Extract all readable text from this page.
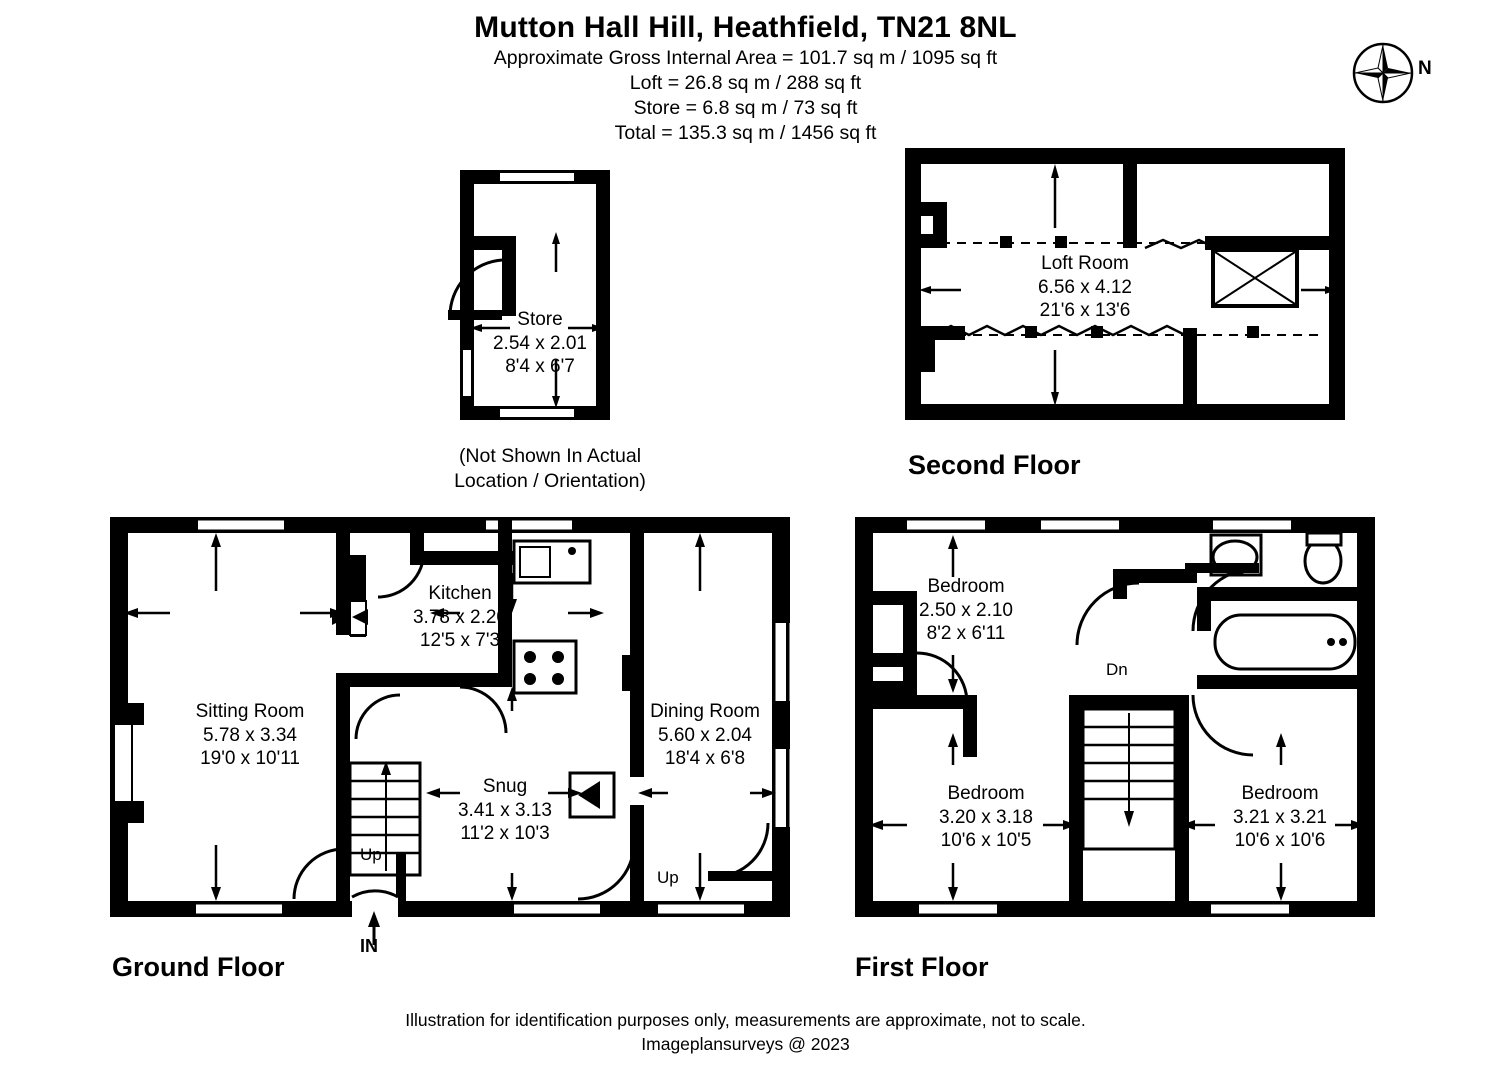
Mutton Hall Hill, Heathfield, TN21 8NL
Approximate Gross Internal Area = 101.7 sq m / 1095 sq ft
Loft = 26.8 sq m / 288 sq ft
Store = 6.8 sq m / 73 sq ft
Total = 135.3 sq m / 1456 sq ft
N
Store
2.54 x 2.01
8'4 x 6'7
(Not Shown In Actual
Location / Orientation)
Loft Room
6.56 x 4.12
21'6 x 13'6
Second Floor
Sitting Room
5.78 x 3.34
19'0 x 10'11
Kitchen
3.78 x 2.20
12'5 x 7'3
Dining Room
5.60 x 2.04
18'4 x 6'8
Snug
3.41 x 3.13
11'2 x 10'3
Up
Up
IN
Ground Floor
Bedroom
2.50 x 2.10
8'2 x 6'11
Bedroom
3.20 x 3.18
10'6 x 10'5
Bedroom
3.21 x 3.21
10'6 x 10'6
Dn
First Floor
Illustration for identification purposes only, measurements are approximate, not to scale.
Imageplansurveys @ 2023
